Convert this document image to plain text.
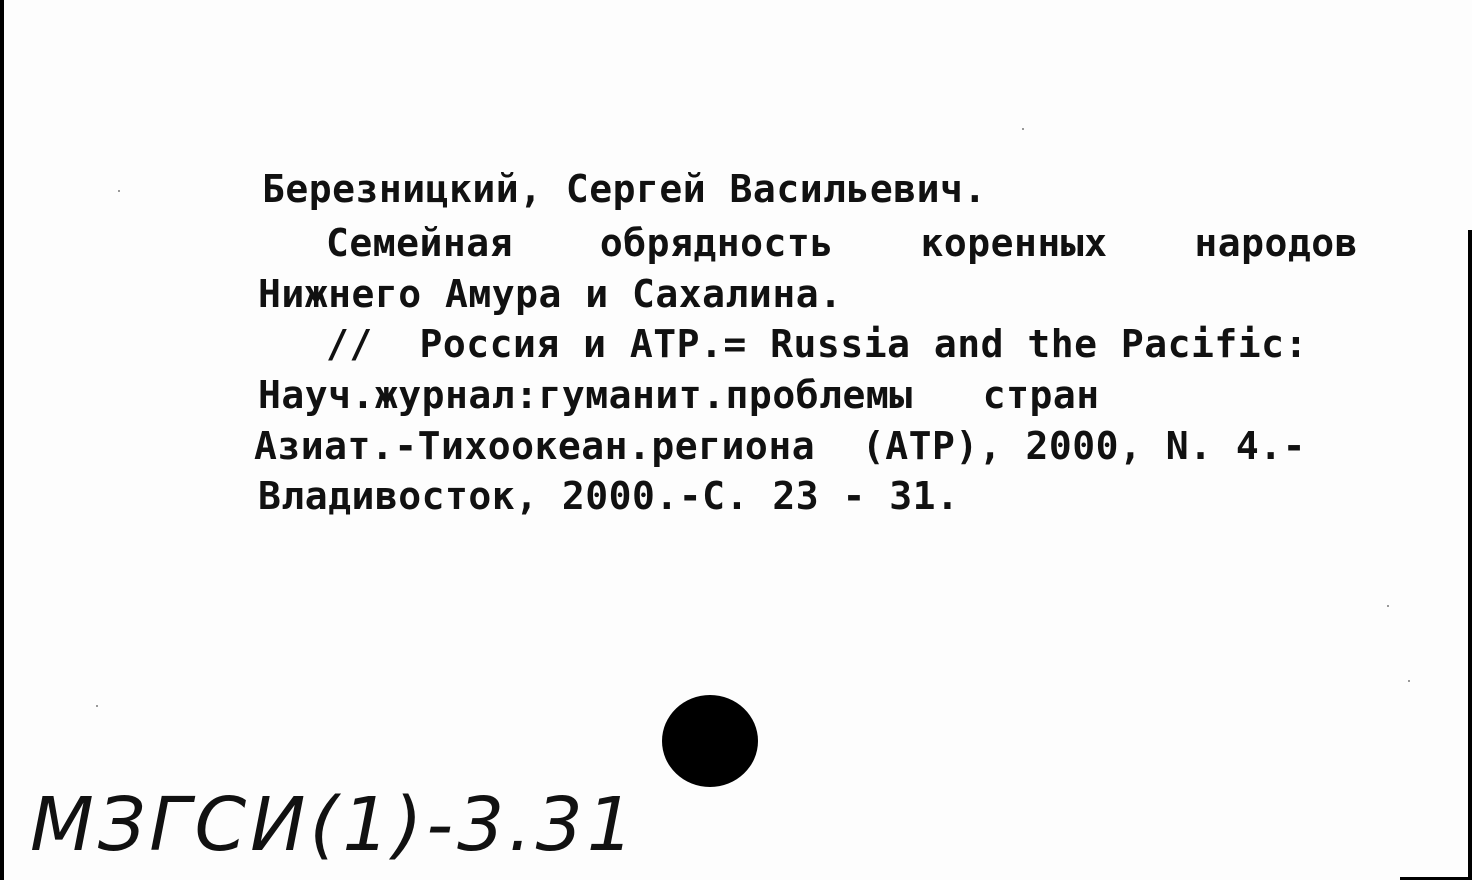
Березницкий, Сергей Васильевич.
Семейная обрядность коренных народов
Нижнего Амура и Сахалина.
//  Россия и АТР.= Russia and the Pacific:
Науч.журнал:гуманит.проблемы   стран
Азиат.-Тихоокеан.региона  (АТР), 2000, N. 4.-
Владивосток, 2000.-С. 23 - 31.
МЗГСИ(1)-3.31
